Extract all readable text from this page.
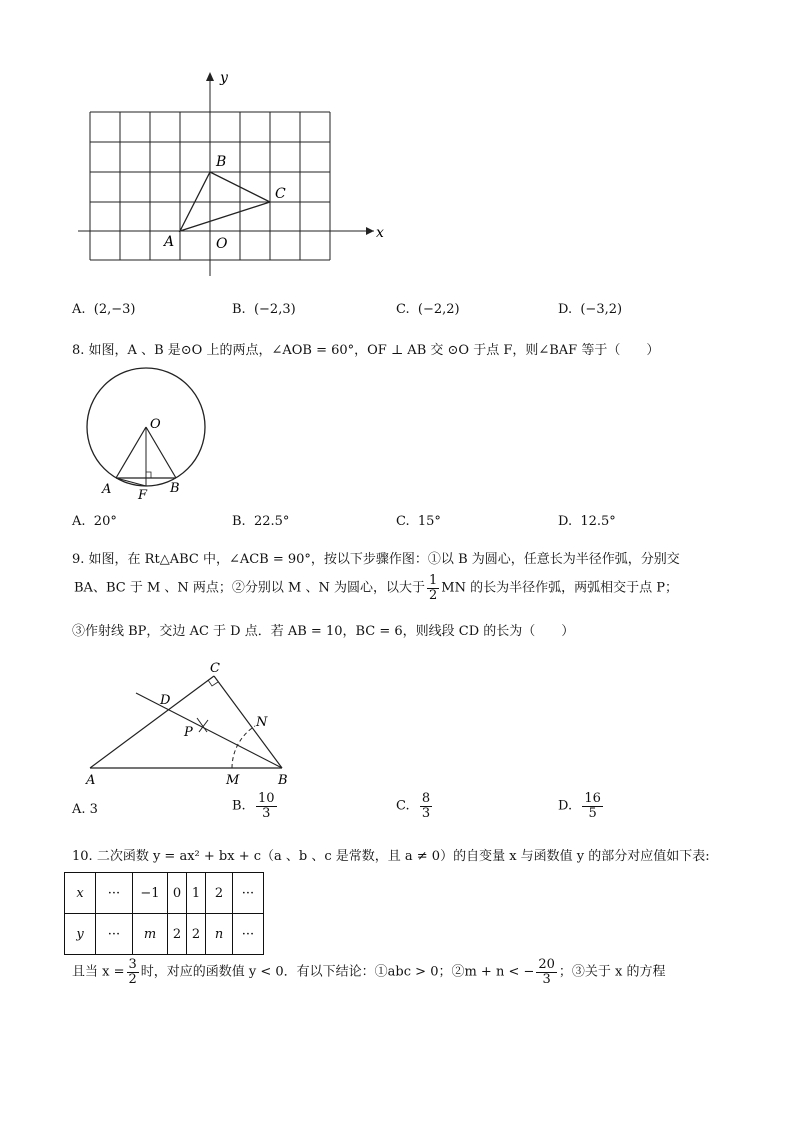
y
x
B
C
A	O
A. (2,−3)	B. (−2,3)	C. (−2,2)	D. (−3,2)
8. 如图，A 、B 是⊙O 上的两点，∠AOB = 60°，OF ⊥ AB 交 ⊙O 于点 F，则∠BAF 等于（　　）
O
A F B
A. 20°	B. 22.5°	C. 15°	D. 12.5°
9. 如图，在 Rt△ABC 中，∠ACB = 90°，按以下步骤作图：①以 B 为圆心，任意长为半径作弧，分别交
BA、BC 于 M 、N 两点；②分别以 M 、N 为圆心，以大于 $\frac{1}{2}$ MN 的长为半径作弧，两弧相交于点 P；
③作射线 BP，交边 AC 于 D 点．若 AB = 10，BC = 6，则线段 CD 的长为（　　）
C
D
N
P
A	M	B
A. 3	B. $\frac{10}{3}$	C. $\frac{8}{3}$	D. $\frac{16}{5}$
10. 二次函数 y = ax² + bx + c（a 、b 、c 是常数，且 a ≠ 0）的自变量 x 与函数值 y 的部分对应值如下表:
x	···	−1	0	1	2	···
y	···	m	2	2	n	···
且当 $x = \frac{3}{2}$ 时，对应的函数值 y < 0．有以下结论：①abc > 0；②m + n < − $\frac{20}{3}$ ；③关于 x 的方程
